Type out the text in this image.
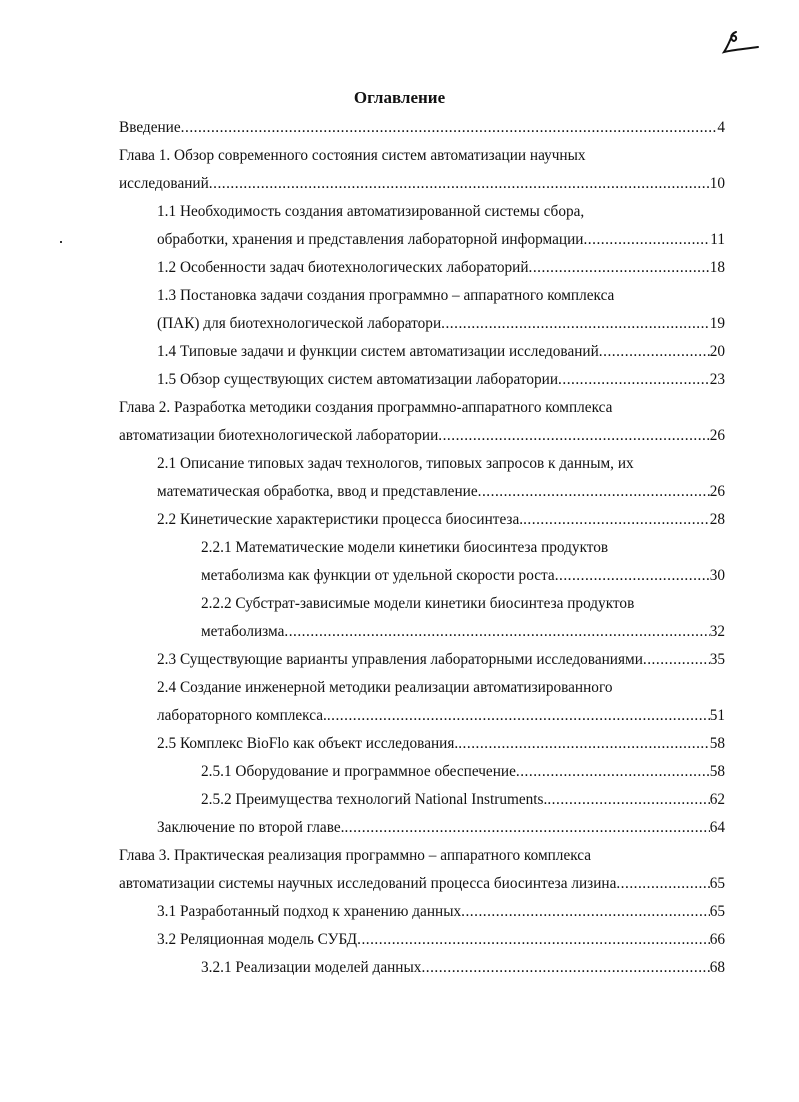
Оглавление
Введение .....	4
Глава 1. Обзор современного состояния систем автоматизации научных
исследований .....	10
1.1 Необходимость создания автоматизированной системы сбора,
обработки, хранения и представления лабораторной информации .....	11
1.2 Особенности задач биотехнологических лабораторий .....	18
1.3 Постановка задачи создания программно – аппаратного комплекса
(ПАК) для биотехнологической лаборатори .....	19
1.4 Типовые задачи и функции систем автоматизации исследований .....	20
1.5 Обзор существующих систем автоматизации лаборатории .....	23
Глава 2. Разработка методики создания программно-аппаратного комплекса
автоматизации биотехнологической лаборатории .....	26
2.1 Описание типовых задач технологов, типовых запросов к данным, их
математическая обработка, ввод и представление .....	26
2.2 Кинетические характеристики процесса биосинтеза. .....	28
2.2.1 Математические модели кинетики биосинтеза продуктов
метаболизма как функции от удельной скорости роста .....	30
2.2.2 Субстрат-зависимые модели кинетики биосинтеза продуктов
метаболизма .....	32
2.3 Существующие варианты управления лабораторными исследованиями .....	35
2.4 Создание инженерной методики реализации автоматизированного
лабораторного комплекса. .....	51
2.5 Комплекс BioFlo как объект исследования. .....	58
2.5.1 Оборудование и программное обеспечение .....	58
2.5.2 Преимущества технологий National Instruments. .....	62
Заключение по второй главе. .....	64
Глава 3. Практическая реализация программно – аппаратного комплекса
автоматизации системы научных исследований процесса биосинтеза лизина .....	65
3.1 Разработанный подход к хранению данных .....	65
3.2 Реляционная модель СУБД .....	66
3.2.1 Реализации моделей данных .....	68
